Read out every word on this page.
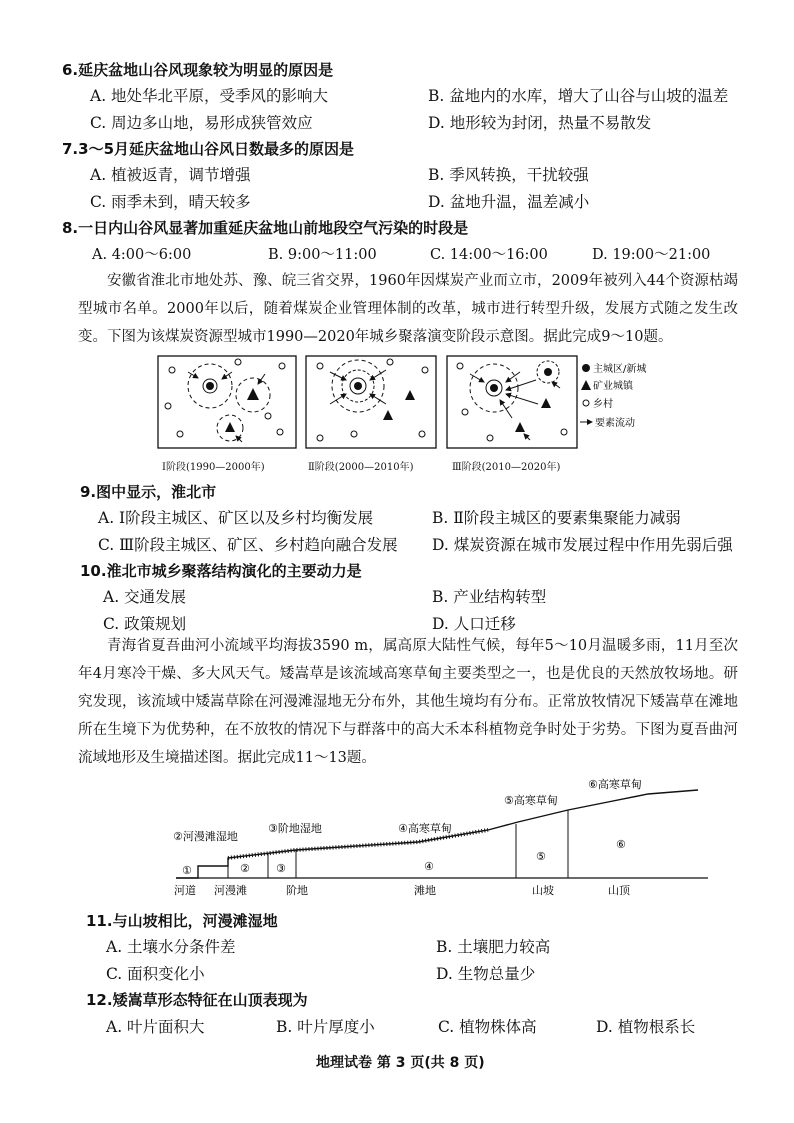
6.延庆盆地山谷风现象较为明显的原因是
A. 地处华北平原，受季风的影响大	B. 盆地内的水库，增大了山谷与山坡的温差
C. 周边多山地，易形成狭管效应	D. 地形较为封闭，热量不易散发
7.3～5月延庆盆地山谷风日数最多的原因是
A. 植被返青，调节增强	B. 季风转换，干扰较强
C. 雨季未到，晴天较多	D. 盆地升温，温差减小
8.一日内山谷风显著加重延庆盆地山前地段空气污染的时段是
A. 4:00～6:00	B. 9:00～11:00	C. 14:00～16:00	D. 19:00～21:00
安徽省淮北市地处苏、豫、皖三省交界，1960年因煤炭产业而立市，2009年被列入44个资源枯竭型城市名单。2000年以后，随着煤炭企业管理体制的改革，城市进行转型升级，发展方式随之发生改变。下图为该煤炭资源型城市1990—2020年城乡聚落演变阶段示意图。据此完成9～10题。
主城区/新城
矿业城镇
乡村
要素流动
Ⅰ阶段(1990—2000年)	Ⅱ阶段(2000—2010年)	Ⅲ阶段(2010—2020年)
9.图中显示，淮北市
A. Ⅰ阶段主城区、矿区以及乡村均衡发展	B. Ⅱ阶段主城区的要素集聚能力减弱
C. Ⅲ阶段主城区、矿区、乡村趋向融合发展 D. 煤炭资源在城市发展过程中作用先弱后强
10.淮北市城乡聚落结构演化的主要动力是
A. 交通发展	B. 产业结构转型
C. 政策规划	D. 人口迁移
青海省夏吾曲河小流域平均海拔3590 m，属高原大陆性气候，每年5～10月温暖多雨，11月至次年4月寒冷干燥、多大风天气。矮嵩草是该流域高寒草甸主要类型之一，也是优良的天然放牧场地。研究发现，该流域中矮嵩草除在河漫滩湿地无分布外，其他生境均有分布。正常放牧情况下矮嵩草在滩地所在生境下为优势种，在不放牧的情况下与群落中的高大禾本科植物竞争时处于劣势。下图为夏吾曲河流域地形及生境描述图。据此完成11～13题。
②河漫滩湿地
③阶地湿地	④高寒草甸
⑤高寒草甸
⑥高寒草甸
①	② ③	④
⑤
⑥
河道 河漫滩	阶地	滩地	山坡	山顶
11.与山坡相比，河漫滩湿地
A. 土壤水分条件差	B. 土壤肥力较高
C. 面积变化小	D. 生物总量少
12.矮嵩草形态特征在山顶表现为
A. 叶片面积大	B. 叶片厚度小	C. 植物株体高	D. 植物根系长
地理试卷 第 3 页(共 8 页)
